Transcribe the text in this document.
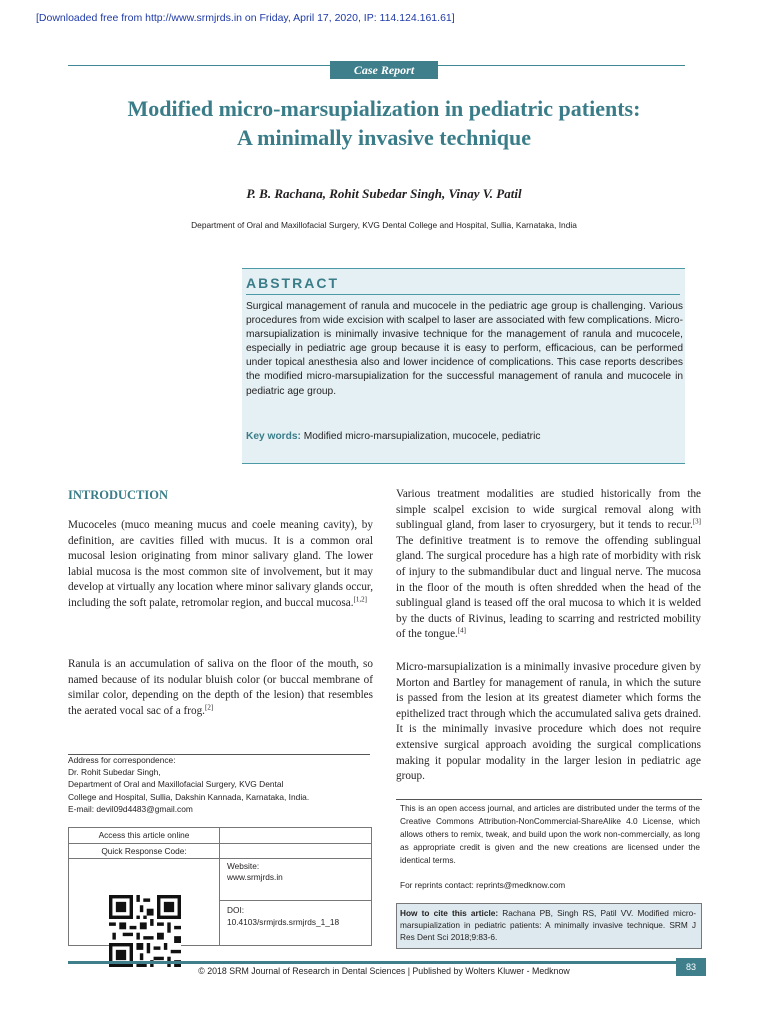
[Downloaded free from http://www.srmjrds.in on Friday, April 17, 2020, IP: 114.124.161.61]
Case Report
Modified micro-marsupialization in pediatric patients:
A minimally invasive technique
P. B. Rachana, Rohit Subedar Singh, Vinay V. Patil
Department of Oral and Maxillofacial Surgery, KVG Dental College and Hospital, Sullia, Karnataka, India
ABSTRACT
Surgical management of ranula and mucocele in the pediatric age group is challenging. Various procedures from wide excision with scalpel to laser are associated with few complications. Micro-marsupialization is minimally invasive technique for the management of ranula and mucocele, especially in pediatric age group because it is easy to perform, efficacious, can be performed under topical anesthesia also and lower incidence of complications. This case reports describes the modified micro-marsupialization for the successful management of ranula and mucocele in pediatric age group.
Key words: Modified micro-marsupialization, mucocele, pediatric
INTRODUCTION
Mucoceles (muco meaning mucus and coele meaning cavity), by definition, are cavities filled with mucus. It is a common oral mucosal lesion originating from minor salivary gland. The lower labial mucosa is the most common site of involvement, but it may develop at virtually any location where minor salivary glands occur, including the soft palate, retromolar region, and buccal mucosa.[1,2]
Ranula is an accumulation of saliva on the floor of the mouth, so named because of its nodular bluish color (or buccal membrane of similar color, depending on the depth of the lesion) that resembles the aerated vocal sac of a frog.[2]
Various treatment modalities are studied historically from the simple scalpel excision to wide surgical removal along with sublingual gland, from laser to cryosurgery, but it tends to recur.[3] The definitive treatment is to remove the offending sublingual gland. The surgical procedure has a high rate of morbidity with risk of injury to the submandibular duct and lingual nerve. The mucosa in the floor of the mouth is often shredded when the head of the sublingual gland is teased off the oral mucosa to which it is welded by the ducts of Rivinus, leading to scarring and restricted mobility of the tongue.[4]
Micro-marsupialization is a minimally invasive procedure given by Morton and Bartley for management of ranula, in which the suture is passed from the lesion at its greatest diameter which forms the epithelized tract through which the accumulated saliva gets drained. It is the minimally invasive procedure which does not require extensive surgical approach avoiding the surgical complications making it popular modality in the larger lesion in pediatric age group.
Address for correspondence:
Dr. Rohit Subedar Singh,
Department of Oral and Maxillofacial Surgery, KVG Dental
College and Hospital, Sullia, Dakshin Kannada, Karnataka, India.
E-mail: devil09d4483@gmail.com
Access this article online
Quick Response Code:
Website:
www.srmjrds.in
DOI:
10.4103/srmjrds.srmjrds_1_18
This is an open access journal, and articles are distributed under the terms of the Creative Commons Attribution-NonCommercial-ShareAlike 4.0 License, which allows others to remix, tweak, and build upon the work non-commercially, as long as appropriate credit is given and the new creations are licensed under the identical terms.
For reprints contact: reprints@medknow.com
How to cite this article: Rachana PB, Singh RS, Patil VV. Modified micro-marsupialization in pediatric patients: A minimally invasive technique. SRM J Res Dent Sci 2018;9:83-6.
83
© 2018 SRM Journal of Research in Dental Sciences | Published by Wolters Kluwer - Medknow
